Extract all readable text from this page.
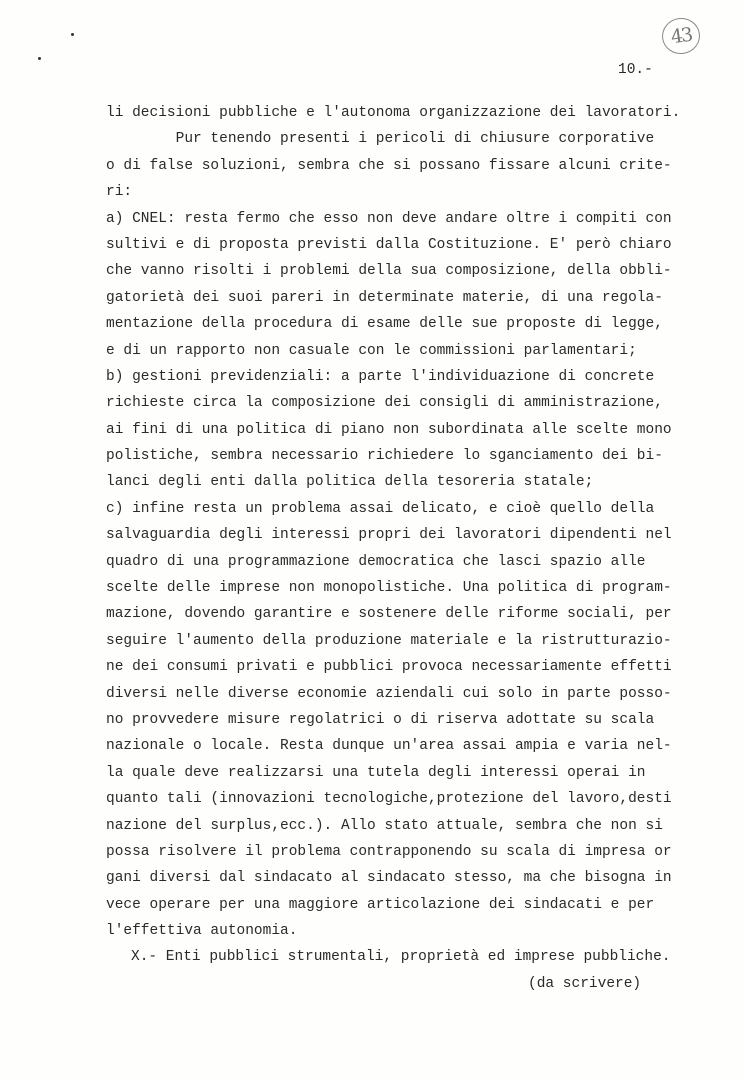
43
10.-
li decisioni pubbliche e l'autonoma organizzazione dei lavoratori.
Pur tenendo presenti i pericoli di chiusure corporative
o di false soluzioni, sembra che si possano fissare alcuni crite-
ri:
a) CNEL: resta fermo che esso non deve andare oltre i compiti con
sultivi e di proposta previsti dalla Costituzione. E' però chiaro
che vanno risolti i problemi della sua composizione, della obbli-
gatorietà dei suoi pareri in determinate materie, di una regola-
mentazione della procedura di esame delle sue proposte di legge,
e di un rapporto non casuale con le commissioni parlamentari;
b) gestioni previdenziali: a parte l'individuazione di concrete
richieste circa la composizione dei consigli di amministrazione,
ai fini di una politica di piano non subordinata alle scelte mono
polistiche, sembra necessario richiedere lo sganciamento dei bi-
lanci degli enti dalla politica della tesoreria statale;
c) infine resta un problema assai delicato, e cioè quello della
salvaguardia degli interessi propri dei lavoratori dipendenti nel
quadro di una programmazione democratica che lasci spazio alle
scelte delle imprese non monopolistiche. Una politica di program-
mazione, dovendo garantire e sostenere delle riforme sociali, per
seguire l'aumento della produzione materiale e la ristrutturazio-
ne dei consumi privati e pubblici provoca necessariamente effetti
diversi nelle diverse economie aziendali cui solo in parte posso-
no provvedere misure regolatrici o di riserva adottate su scala
nazionale o locale. Resta dunque un'area assai ampia e varia nel-
la quale deve realizzarsi una tutela degli interessi operai in
quanto tali (innovazioni tecnologiche,protezione del lavoro,desti
nazione del surplus,ecc.). Allo stato attuale, sembra che non si
possa risolvere il problema contrapponendo su scala di impresa or
gani diversi dal sindacato al sindacato stesso, ma che bisogna in
vece operare per una maggiore articolazione dei sindacati e per
l'effettiva autonomia.
X.- Enti pubblici strumentali, proprietà ed imprese pubbliche.
(da scrivere)
